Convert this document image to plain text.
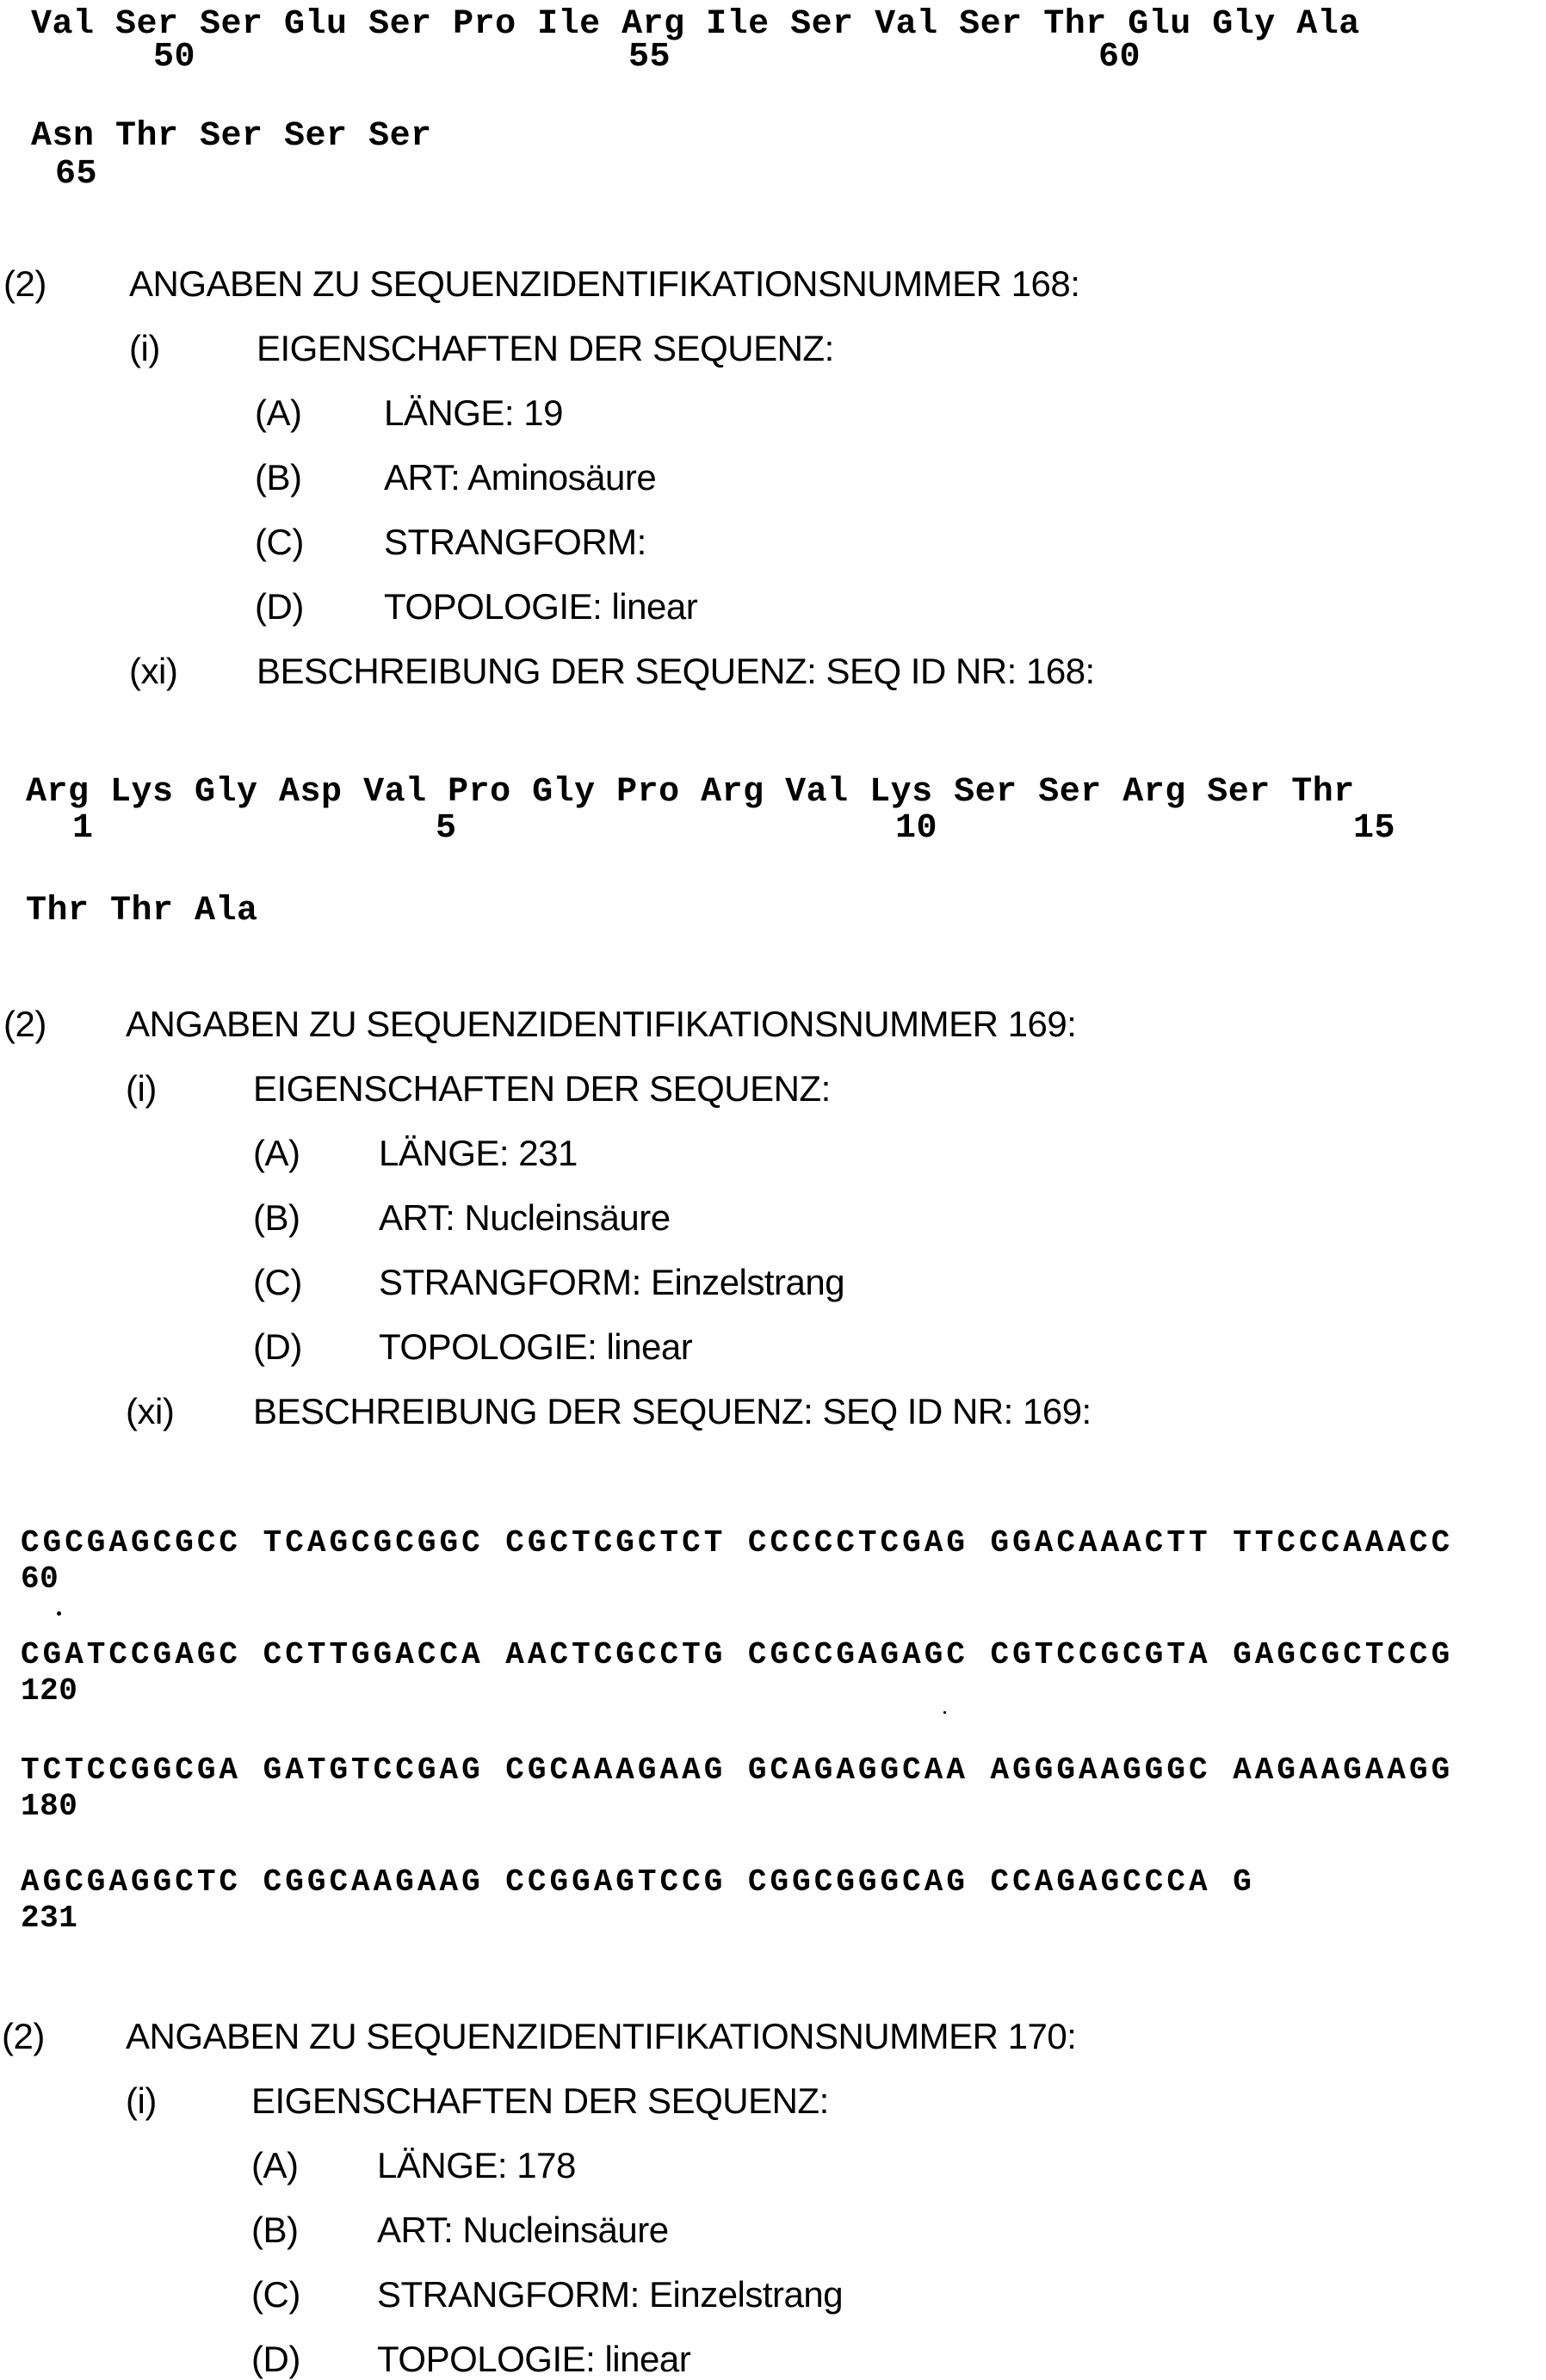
Val Ser Ser Glu Ser Pro Ile Arg Ile Ser Val Ser Thr Glu Gly Ala
50	55	60
Asn Thr Ser Ser Ser
65
(2) ANGABEN ZU SEQUENZIDENTIFIKATIONSNUMMER 168:
(i)	EIGENSCHAFTEN DER SEQUENZ:
(A) LÄNGE: 19
(B) ART: Aminosäure
(C) STRANGFORM:
(D) TOPOLOGIE: linear
(xi) BESCHREIBUNG DER SEQUENZ: SEQ ID NR: 168:
Arg Lys Gly Asp Val Pro Gly Pro Arg Val Lys Ser Ser Arg Ser Thr
1	5	10	15
Thr Thr Ala
(2) ANGABEN ZU SEQUENZIDENTIFIKATIONSNUMMER 169:
(i)	EIGENSCHAFTEN DER SEQUENZ:
(A) LÄNGE: 231
(B) ART: Nucleinsäure
(C) STRANGFORM: Einzelstrang
(D) TOPOLOGIE: linear
(xi) BESCHREIBUNG DER SEQUENZ: SEQ ID NR: 169:
CGCGAGCGCC TCAGCGCGGC CGCTCGCTCT CCCCCTCGAG GGACAAACTT TTCCCAAACC
60
CGATCCGAGC CCTTGGACCA AACTCGCCTG CGCCGAGAGC CGTCCGCGTA GAGCGCTCCG
120
TCTCCGGCGA GATGTCCGAG CGCAAAGAAG GCAGAGGCAA AGGGAAGGGC AAGAAGAAGG
180
AGCGAGGCTC CGGCAAGAAG CCGGAGTCCG CGGCGGGCAG CCAGAGCCCA G
231
(2) ANGABEN ZU SEQUENZIDENTIFIKATIONSNUMMER 170:
(i)	EIGENSCHAFTEN DER SEQUENZ:
(A) LÄNGE: 178
(B) ART: Nucleinsäure
(C) STRANGFORM: Einzelstrang
(D) TOPOLOGIE: linear
